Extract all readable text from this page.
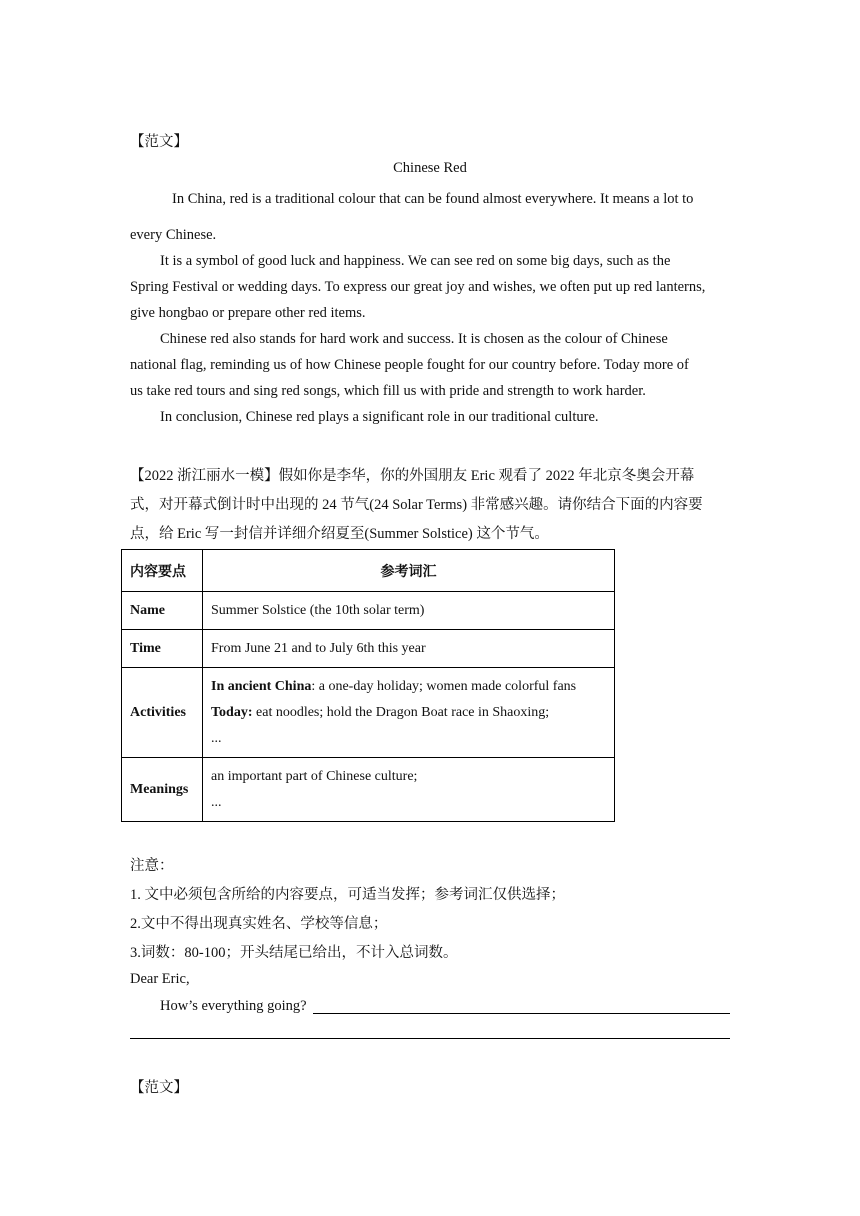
【范文】
Chinese Red
In China, red is a traditional colour that can be found almost everywhere. It means a lot to
every Chinese.
It is a symbol of good luck and happiness. We can see red on some big days, such as the
Spring Festival or wedding days. To express our great joy and wishes, we often put up red lanterns,
give hongbao or prepare other red items.
Chinese red also stands for hard work and success. It is chosen as the colour of Chinese
national flag, reminding us of how Chinese people fought for our country before. Today more of
us take red tours and sing red songs, which fill us with pride and strength to work harder.
In conclusion, Chinese red plays a significant role in our traditional culture.
【2022 浙江丽水一模】假如你是李华，你的外国朋友 Eric 观看了 2022 年北京冬奥会开幕
式，对开幕式倒计时中出现的 24 节气(24 Solar Terms) 非常感兴趣。请你结合下面的内容要
点，给 Eric 写一封信并详细介绍夏至(Summer Solstice) 这个节气。
内容要点	参考词汇
Name	Summer Solstice (the 10th solar term)
Time	From June 21 and to July 6th this year
Activities	In ancient China: a one-day holiday; women made colorful fans
Today: eat noodles; hold the Dragon Boat race in Shaoxing;
...

Meanings	an important part of Chinese culture;
...
注意：
1. 文中必须包含所给的内容要点，可适当发挥；参考词汇仅供选择；
2.文中不得出现真实姓名、学校等信息；
3.词数：80-100；开头结尾已给出，不计入总词数。
Dear Eric,
How’s everything going?
【范文】
